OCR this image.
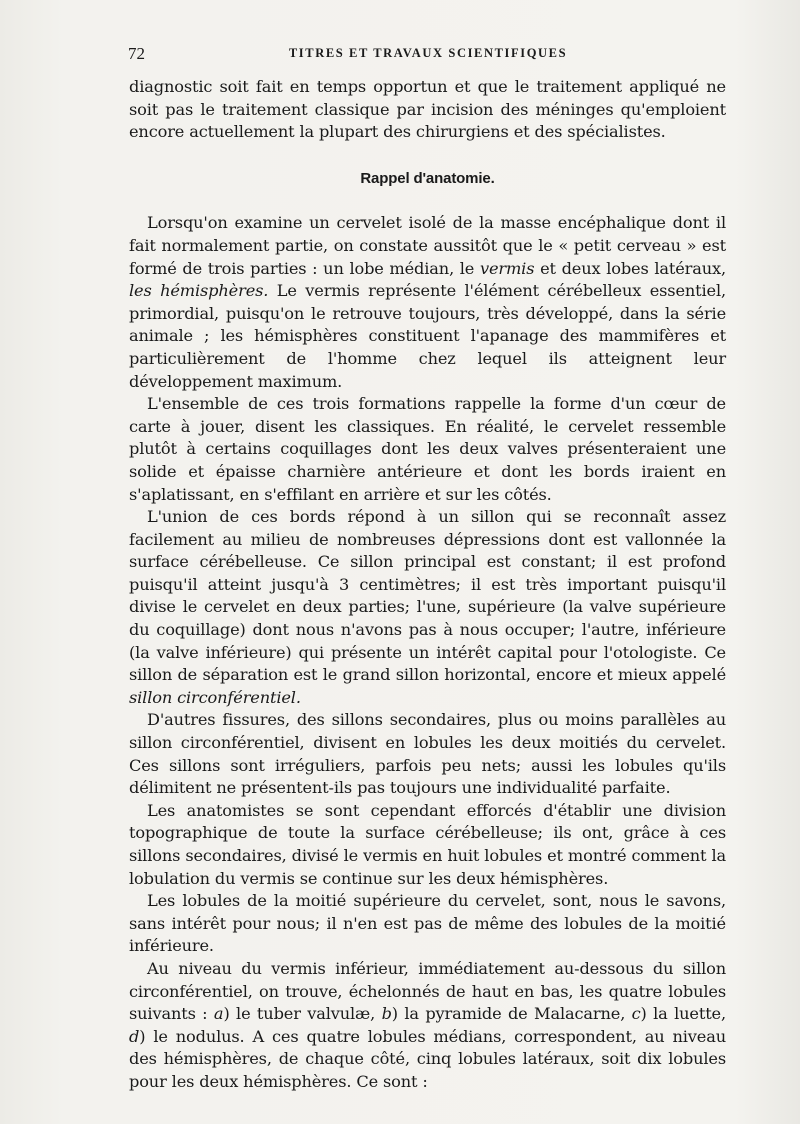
72	TITRES ET TRAVAUX SCIENTIFIQUES

diagnostic soit fait en temps opportun et que le traitement appliqué ne soit pas le traitement classique par incision des méninges qu'emploient encore actuellement la plupart des chirurgiens et des spécialistes.

Rappel d'anatomie.

Lorsqu'on examine un cervelet isolé de la masse encéphalique dont il fait normalement partie, on constate aussitôt que le « petit cerveau » est formé de trois parties : un lobe médian, le vermis et deux lobes latéraux, les hémisphères. Le vermis représente l'élément cérébelleux essentiel, primordial, puisqu'on le retrouve toujours, très développé, dans la série animale ; les hémisphères constituent l'apanage des mammifères et particulièrement de l'homme chez lequel ils atteignent leur développement maximum.

L'ensemble de ces trois formations rappelle la forme d'un cœur de carte à jouer, disent les classiques. En réalité, le cervelet ressemble plutôt à certains coquillages dont les deux valves présenteraient une solide et épaisse charnière antérieure et dont les bords iraient en s'aplatissant, en s'effilant en arrière et sur les côtés.

L'union de ces bords répond à un sillon qui se reconnaît assez facilement au milieu de nombreuses dépressions dont est vallonnée la surface cérébelleuse. Ce sillon principal est constant; il est profond puisqu'il atteint jusqu'à 3 centimètres; il est très important puisqu'il divise le cervelet en deux parties; l'une, supérieure (la valve supérieure du coquillage) dont nous n'avons pas à nous occuper; l'autre, inférieure (la valve inférieure) qui présente un intérêt capital pour l'otologiste. Ce sillon de séparation est le grand sillon horizontal, encore et mieux appelé sillon circonférentiel.

D'autres fissures, des sillons secondaires, plus ou moins parallèles au sillon circonférentiel, divisent en lobules les deux moitiés du cervelet. Ces sillons sont irréguliers, parfois peu nets; aussi les lobules qu'ils délimitent ne présentent-ils pas toujours une individualité parfaite.

Les anatomistes se sont cependant efforcés d'établir une division topographique de toute la surface cérébelleuse; ils ont, grâce à ces sillons secondaires, divisé le vermis en huit lobules et montré comment la lobulation du vermis se continue sur les deux hémisphères.

Les lobules de la moitié supérieure du cervelet, sont, nous le savons, sans intérêt pour nous; il n'en est pas de même des lobules de la moitié inférieure.

Au niveau du vermis inférieur, immédiatement au-dessous du sillon circonférentiel, on trouve, échelonnés de haut en bas, les quatre lobules suivants : a) le tuber valvulæ, b) la pyramide de Malacarne, c) la luette, d) le nodulus. A ces quatre lobules médians, correspondent, au niveau des hémisphères, de chaque côté, cinq lobules latéraux, soit dix lobules pour les deux hémisphères. Ce sont :
